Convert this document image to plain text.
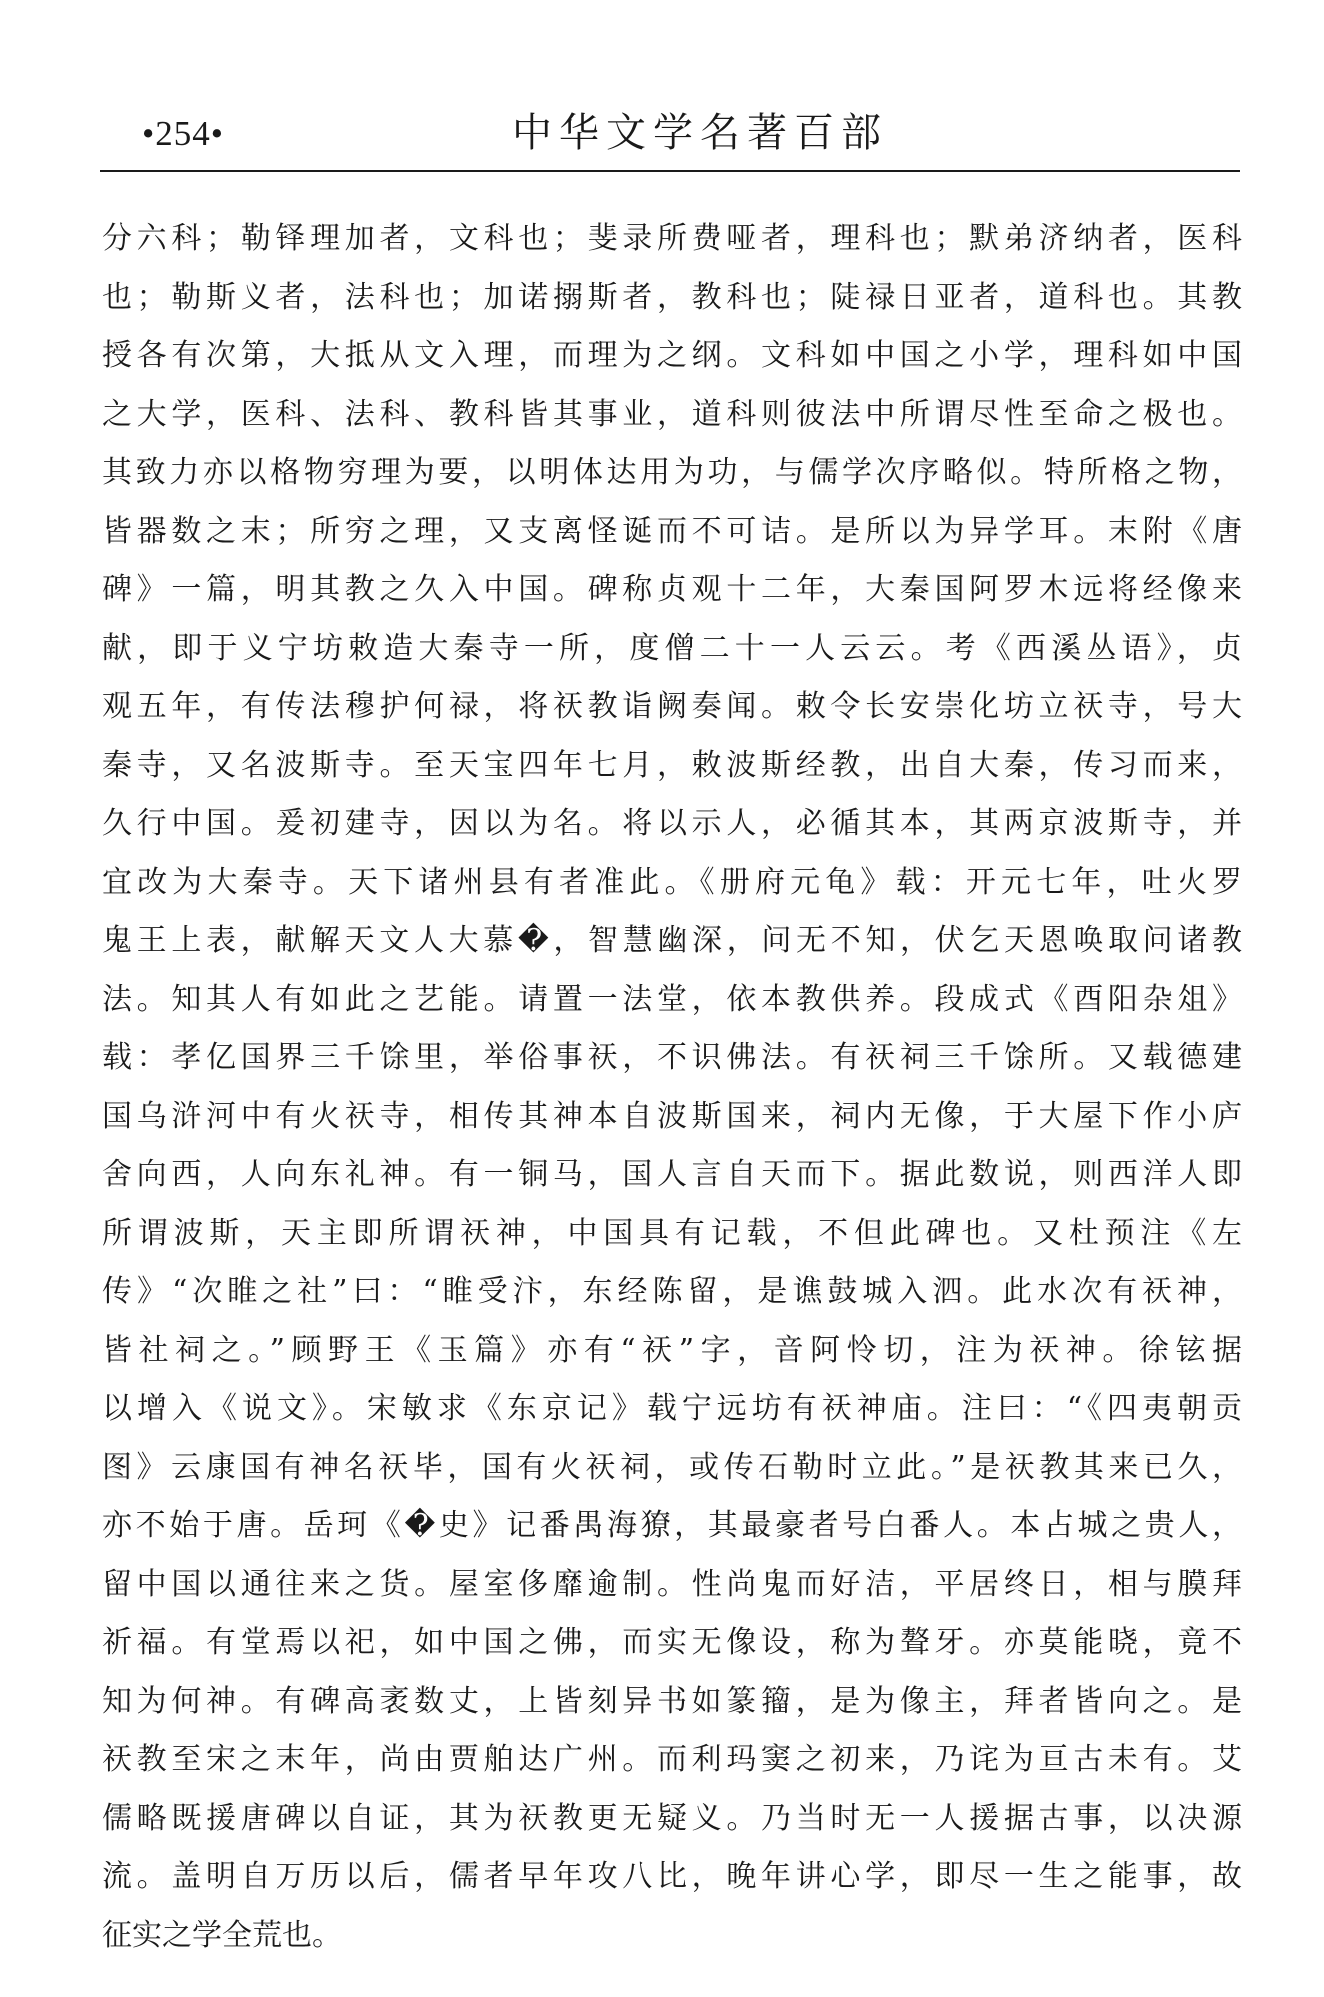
•254•	中华文学名著百部
分六科；勒铎理加者，文科也；斐录所费哑者，理科也；默弟济纳者，医科
也；勒斯义者，法科也；加诺搦斯者，教科也；陡禄日亚者，道科也。其教
授各有次第，大抵从文入理，而理为之纲。文科如中国之小学，理科如中国
之大学，医科、法科、教科皆其事业，道科则彼法中所谓尽性至命之极也。
其致力亦以格物穷理为要，以明体达用为功，与儒学次序略似。特所格之物，
皆器数之末；所穷之理，又支离怪诞而不可诘。是所以为异学耳。末附《唐
碑》一篇，明其教之久入中国。碑称贞观十二年，大秦国阿罗木远将经像来
献，即于义宁坊敕造大秦寺一所，度僧二十一人云云。考《西溪丛语》，贞
观五年，有传法穆护何禄，将祆教诣阙奏闻。敕令长安崇化坊立祆寺，号大
秦寺，又名波斯寺。至天宝四年七月，敕波斯经教，出自大秦，传习而来，
久行中国。爰初建寺，因以为名。将以示人，必循其本，其两京波斯寺，并
宜改为大秦寺。天下诸州县有者准此。《册府元龟》载：开元七年，吐火罗
鬼王上表，献解天文人大慕�，智慧幽深，问无不知，伏乞天恩唤取问诸教
法。知其人有如此之艺能。请置一法堂，依本教供养。段成式《酉阳杂俎》
载：孝亿国界三千馀里，举俗事祆，不识佛法。有祆祠三千馀所。又载德建
国乌浒河中有火祆寺，相传其神本自波斯国来，祠内无像，于大屋下作小庐
舍向西，人向东礼神。有一铜马，国人言自天而下。据此数说，则西洋人即
所谓波斯，天主即所谓祆神，中国具有记载，不但此碑也。又杜预注《左
传》“次睢之社”曰：“睢受汴，东经陈留，是谯鼓城入泗。此水次有祆神，
皆社祠之。”顾野王《玉篇》亦有“祆”字，音阿怜切，注为祆神。徐铉据
以增入《说文》。宋敏求《东京记》载宁远坊有祆神庙。注曰：“《四夷朝贡
图》云康国有神名祆毕，国有火祆祠，或传石勒时立此。”是祆教其来已久，
亦不始于唐。岳珂《�史》记番禺海獠，其最豪者号白番人。本占城之贵人，
留中国以通往来之货。屋室侈靡逾制。性尚鬼而好洁，平居终日，相与膜拜
祈福。有堂焉以祀，如中国之佛，而实无像设，称为聱牙。亦莫能晓，竟不
知为何神。有碑高袤数丈，上皆刻异书如篆籀，是为像主，拜者皆向之。是
祆教至宋之末年，尚由贾舶达广州。而利玛窦之初来，乃诧为亘古未有。艾
儒略既援唐碑以自证，其为祆教更无疑义。乃当时无一人援据古事，以决源
流。盖明自万历以后，儒者早年攻八比，晚年讲心学，即尽一生之能事，故
征实之学全荒也。
